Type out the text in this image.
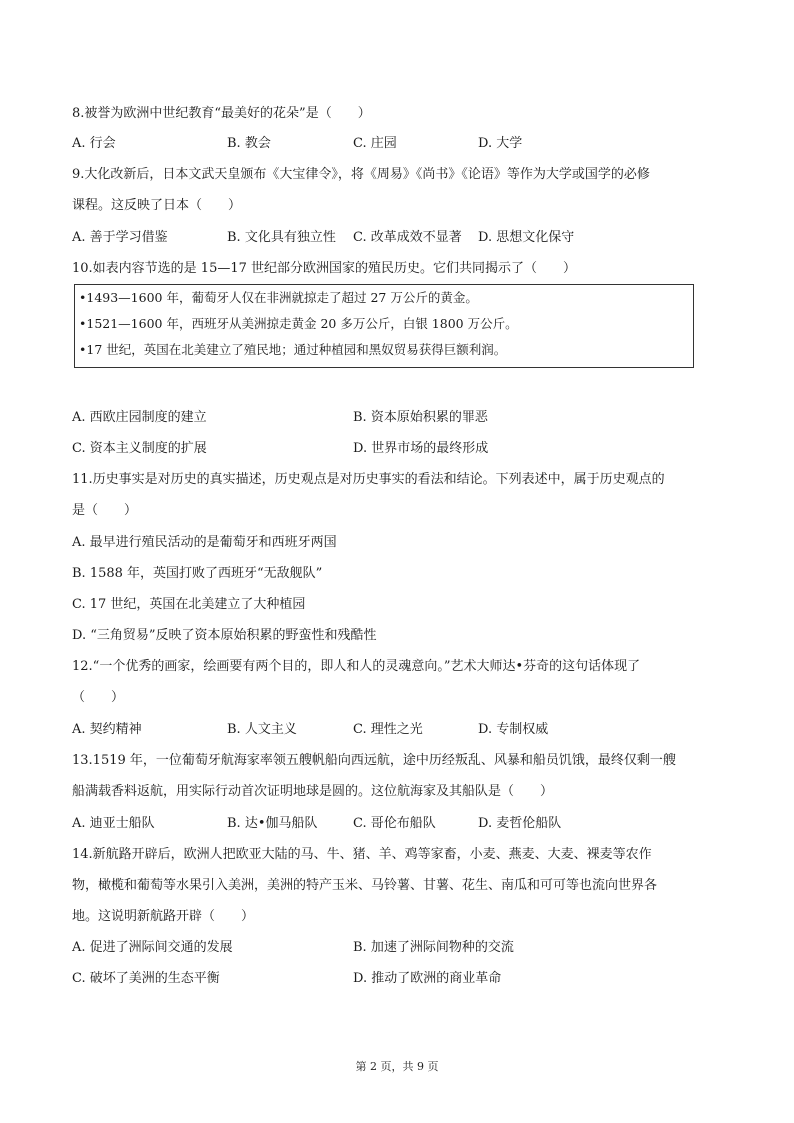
8.被誉为欧洲中世纪教育“最美好的花朵”是（　　）
A. 行会	B. 教会	C. 庄园	D. 大学
9.大化改新后，日本文武天皇颁布《大宝律令》，将《周易》《尚书》《论语》等作为大学或国学的必修
课程。这反映了日本（　　）
A. 善于学习借鉴	B. 文化具有独立性 C. 改革成效不显著 D. 思想文化保守
10.如表内容节选的是 15—17 世纪部分欧洲国家的殖民历史。它们共同揭示了（　　）
•1493—1600 年，葡萄牙人仅在非洲就掠走了超过 27 万公斤的黄金。
•1521—1600 年，西班牙从美洲掠走黄金 20 多万公斤，白银 1800 万公斤。
•17 世纪，英国在北美建立了殖民地；通过种植园和黑奴贸易获得巨额利润。
A. 西欧庄园制度的建立	B. 资本原始积累的罪恶
C. 资本主义制度的扩展	D. 世界市场的最终形成
11.历史事实是对历史的真实描述，历史观点是对历史事实的看法和结论。下列表述中，属于历史观点的
是（　　）
A. 最早进行殖民活动的是葡萄牙和西班牙两国
B. 1588 年，英国打败了西班牙“无敌舰队”
C. 17 世纪，英国在北美建立了大种植园
D. “三角贸易”反映了资本原始积累的野蛮性和残酷性
12.“一个优秀的画家，绘画要有两个目的，即人和人的灵魂意向。”艺术大师达•芬奇的这句话体现了
（　　）
A. 契约精神	B. 人文主义	C. 理性之光	D. 专制权威
13.1519 年，一位葡萄牙航海家率领五艘帆船向西远航，途中历经叛乱、风暴和船员饥饿，最终仅剩一艘
船满载香料返航，用实际行动首次证明地球是圆的。这位航海家及其船队是（　　）
A. 迪亚士船队	B. 达•伽马船队	C. 哥伦布船队	D. 麦哲伦船队
14.新航路开辟后，欧洲人把欧亚大陆的马、牛、猪、羊、鸡等家畜，小麦、燕麦、大麦、裸麦等农作
物，橄榄和葡萄等水果引入美洲，美洲的特产玉米、马铃薯、甘薯、花生、南瓜和可可等也流向世界各
地。这说明新航路开辟（　　）
A. 促进了洲际间交通的发展	B. 加速了洲际间物种的交流
C. 破坏了美洲的生态平衡	D. 推动了欧洲的商业革命
第 2 页，共 9 页
